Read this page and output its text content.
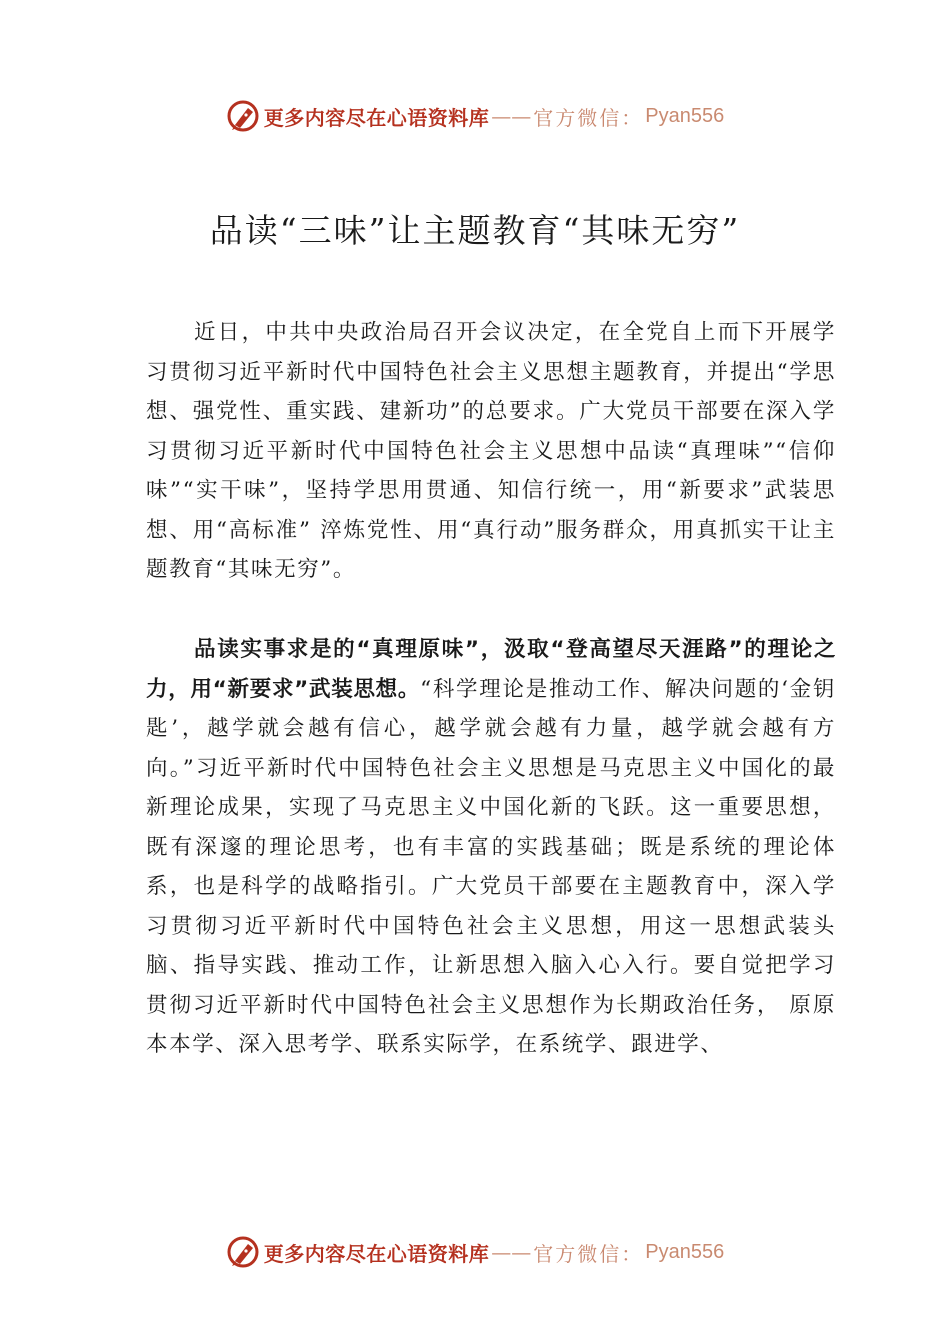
更多内容尽在心语资料库 —— 官方微信： Pyan556
品读“三味”让主题教育“其味无穷”

近日，中共中央政治局召开会议决定，在全党自上而下开展学习贯彻习近平新时代中国特色社会主义思想主题教育，并提出“学思想、强党性、重实践、建新功”的总要求。广大党员干部要在深入学习贯彻习近平新时代中国特色社会主义思想中品读“真理味”“信仰味”“实干味”，坚持学思用贯通、知信行统一，用“新要求”武装思想、用“高标准” 淬炼党性、用“真行动”服务群众，用真抓实干让主题教育“其味无穷”。

品读实事求是的“真理原味”，汲取“登高望尽天涯路”的理论之力，用“新要求”武装思想。“科学理论是推动工作、解决问题的‘金钥匙’，越学就会越有信心，越学就会越有力量，越学就会越有方向。”习近平新时代中国特色社会主义思想是马克思主义中国化的最新理论成果，实现了马克思主义中国化新的飞跃。这一重要思想，既有深邃的理论思考，也有丰富的实践基础；既是系统的理论体系，也是科学的战略指引。广大党员干部要在主题教育中，深入学习贯彻习近平新时代中国特色社会主义思想，用这一思想武装头脑、指导实践、推动工作，让新思想入脑入心入行。要自觉把学习贯彻习近平新时代中国特色社会主义思想作为长期政治任务， 原原本本学、深入思考学、联系实际学，在系统学、跟进学、

更多内容尽在心语资料库 —— 官方微信： Pyan556
